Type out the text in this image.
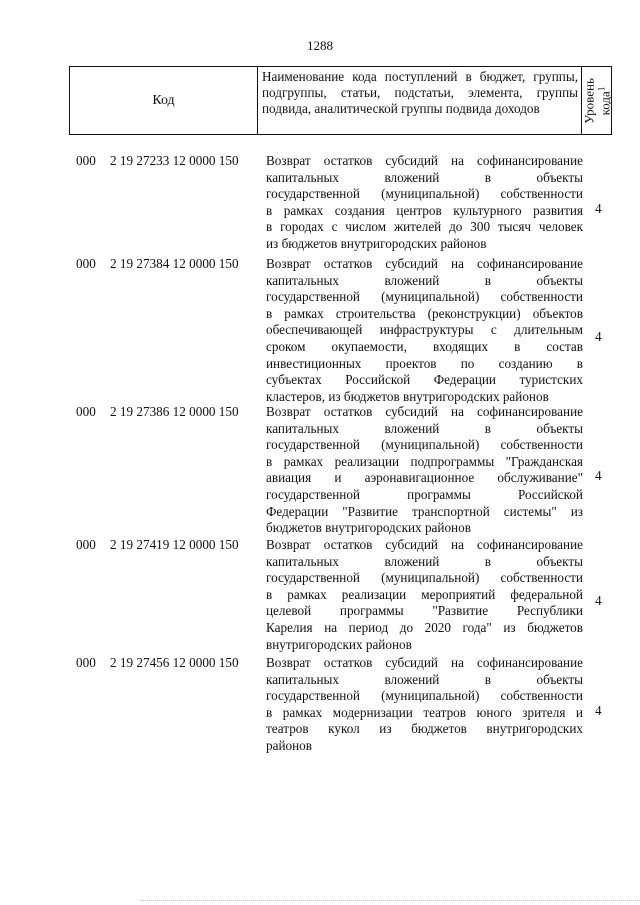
1288
Код
Наименование кода поступлений в бюджет, группы, подгруппы, статьи, подстатьи, элемента, группы подвида, аналитической группы подвида доходов	Уровень кода$^1$
000 2 19 27233 12 0000 150 Возврат остатков субсидий на софинансирование
капитальных вложений в объекты
государственной (муниципальной) собственности
в рамках создания центров культурного развития
в городах с числом жителей до 300 тысяч человек
из бюджетов внутригородских районов
4
000 2 19 27384 12 0000 150 Возврат остатков субсидий на софинансирование
капитальных вложений в объекты
государственной (муниципальной) собственности
в рамках строительства (реконструкции) объектов
обеспечивающей инфраструктуры с длительным
сроком окупаемости, входящих в состав
инвестиционных проектов по созданию в
субъектах Российской Федерации туристских
кластеров, из бюджетов внутригородских районов
4
000 2 19 27386 12 0000 150 Возврат остатков субсидий на софинансирование
капитальных вложений в объекты
государственной (муниципальной) собственности
в рамках реализации подпрограммы "Гражданская
авиация и аэронавигационное обслуживание"
государственной программы Российской
Федерации "Развитие транспортной системы" из
бюджетов внутригородских районов
4
000 2 19 27419 12 0000 150 Возврат остатков субсидий на софинансирование
капитальных вложений в объекты
государственной (муниципальной) собственности
в рамках реализации мероприятий федеральной
целевой программы "Развитие Республики
Карелия на период до 2020 года" из бюджетов
внутригородских районов
4
000 2 19 27456 12 0000 150 Возврат остатков субсидий на софинансирование
капитальных вложений в объекты
государственной (муниципальной) собственности
в рамках модернизации театров юного зрителя и
театров кукол из бюджетов внутригородских
районов
4
